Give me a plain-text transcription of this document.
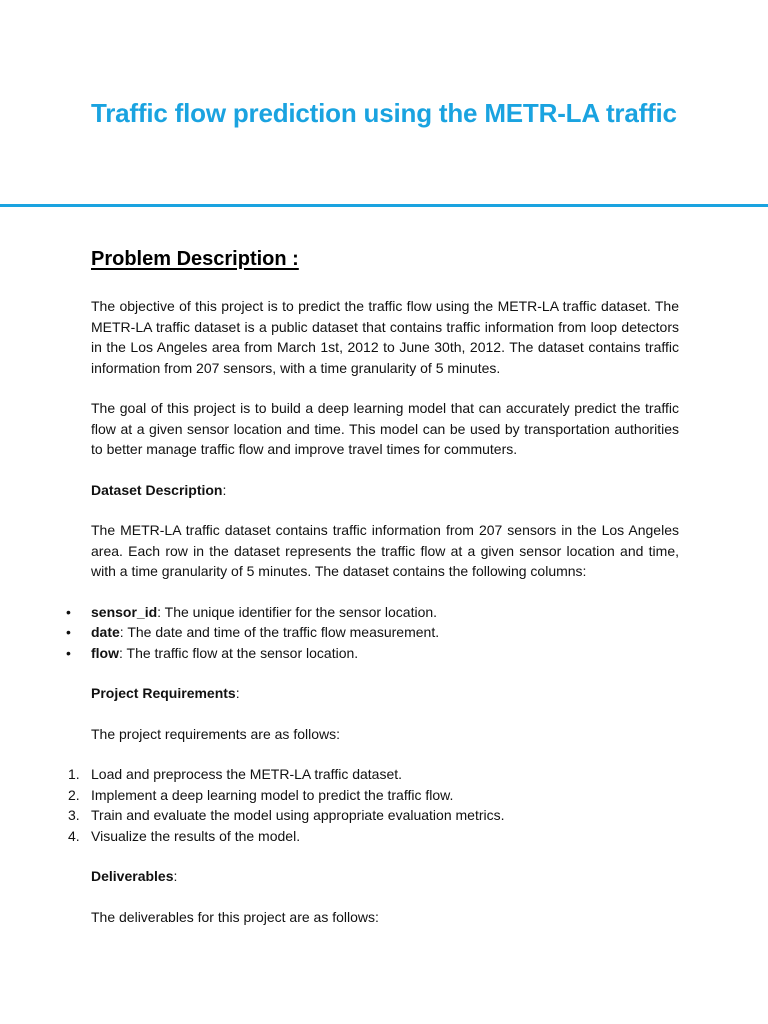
Traffic flow prediction using the METR-LA traffic
Problem Description :

The objective of this project is to predict the traffic flow using the METR-LA traffic dataset. The METR-LA traffic dataset is a public dataset that contains traffic information from loop detectors in the Los Angeles area from March 1st, 2012 to June 30th, 2012. The dataset contains traffic information from 207 sensors, with a time granularity of 5 minutes.

The goal of this project is to build a deep learning model that can accurately predict the traffic flow at a given sensor location and time. This model can be used by transportation authorities to better manage traffic flow and improve travel times for commuters.

Dataset Description:

The METR-LA traffic dataset contains traffic information from 207 sensors in the Los Angeles area. Each row in the dataset represents the traffic flow at a given sensor location and time, with a time granularity of 5 minutes. The dataset contains the following columns:

• sensor_id: The unique identifier for the sensor location.
• date: The date and time of the traffic flow measurement.
• flow: The traffic flow at the sensor location.
Project Requirements:

The project requirements are as follows:

1. Load and preprocess the METR-LA traffic dataset.
2. Implement a deep learning model to predict the traffic flow.
3. Train and evaluate the model using appropriate evaluation metrics.
4. Visualize the results of the model.
Deliverables:

The deliverables for this project are as follows:
